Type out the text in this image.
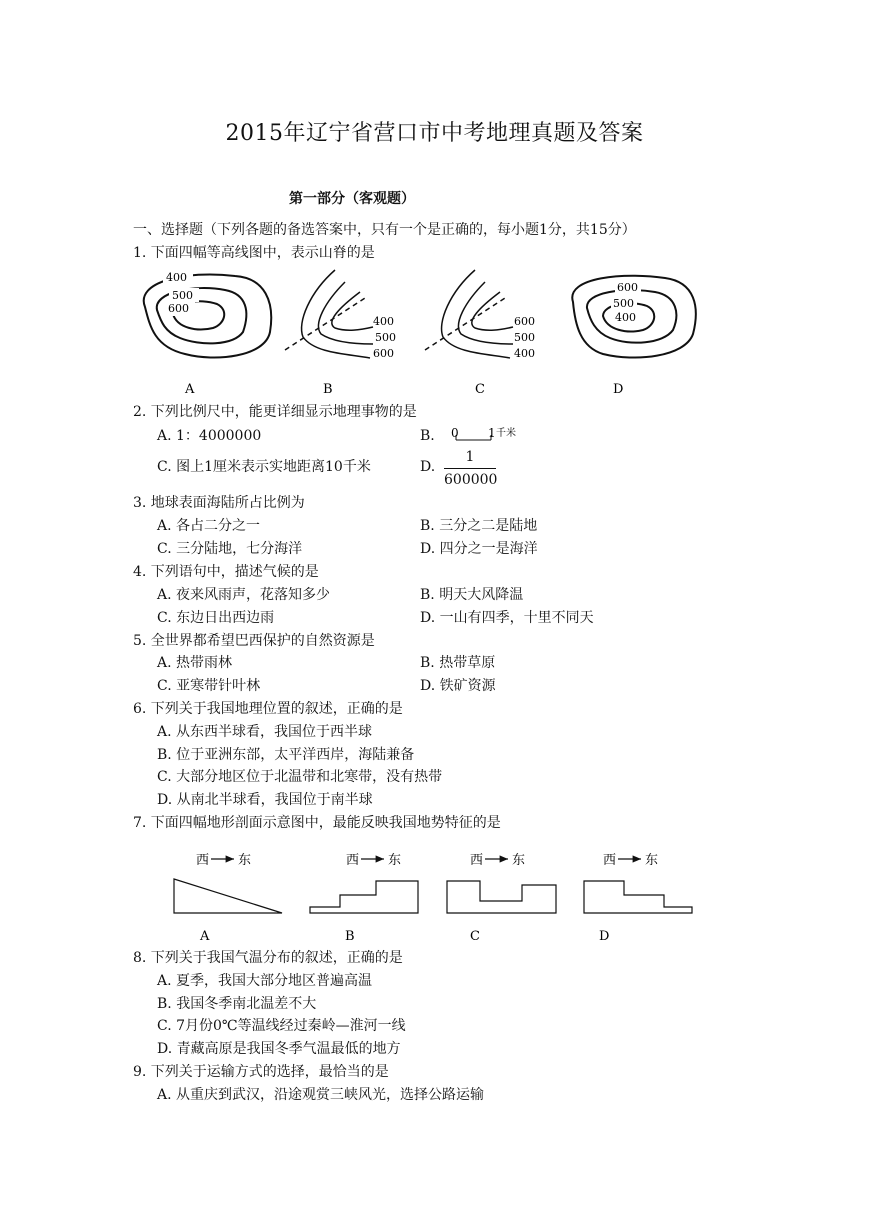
2015年辽宁省营口市中考地理真题及答案
第一部分（客观题）
一、选择题（下列各题的备选答案中，只有一个是正确的，每小题1分，共15分）
1. 下面四幅等高线图中，表示山脊的是
400
500
600
400
500
600
600
500
400
600
500
400
A	B	C	D
2. 下列比例尺中，能更详细显示地理事物的是
A. 1：4000000	B. 0 1 千米
C. 图上1厘米表示实地距离10千米	D.
1
600000
3. 地球表面海陆所占比例为
A. 各占二分之一	B. 三分之二是陆地
C. 三分陆地，七分海洋	D. 四分之一是海洋
4. 下列语句中，描述气候的是
A. 夜来风雨声，花落知多少	B. 明天大风降温
C. 东边日出西边雨	D. 一山有四季，十里不同天
5. 全世界都希望巴西保护的自然资源是
A. 热带雨林	B. 热带草原
C. 亚寒带针叶林	D. 铁矿资源
6. 下列关于我国地理位置的叙述，正确的是
A. 从东西半球看，我国位于西半球
B. 位于亚洲东部，太平洋西岸，海陆兼备
C. 大部分地区位于北温带和北寒带，没有热带
D. 从南北半球看，我国位于南半球
7. 下面四幅地形剖面示意图中，最能反映我国地势特征的是
西 东	西 东	西 东	西 东
A	B	C	D
8. 下列关于我国气温分布的叙述，正确的是
A. 夏季，我国大部分地区普遍高温
B. 我国冬季南北温差不大
C. 7月份0℃等温线经过秦岭—淮河一线
D. 青藏高原是我国冬季气温最低的地方
9. 下列关于运输方式的选择，最恰当的是
A. 从重庆到武汉，沿途观赏三峡风光，选择公路运输
